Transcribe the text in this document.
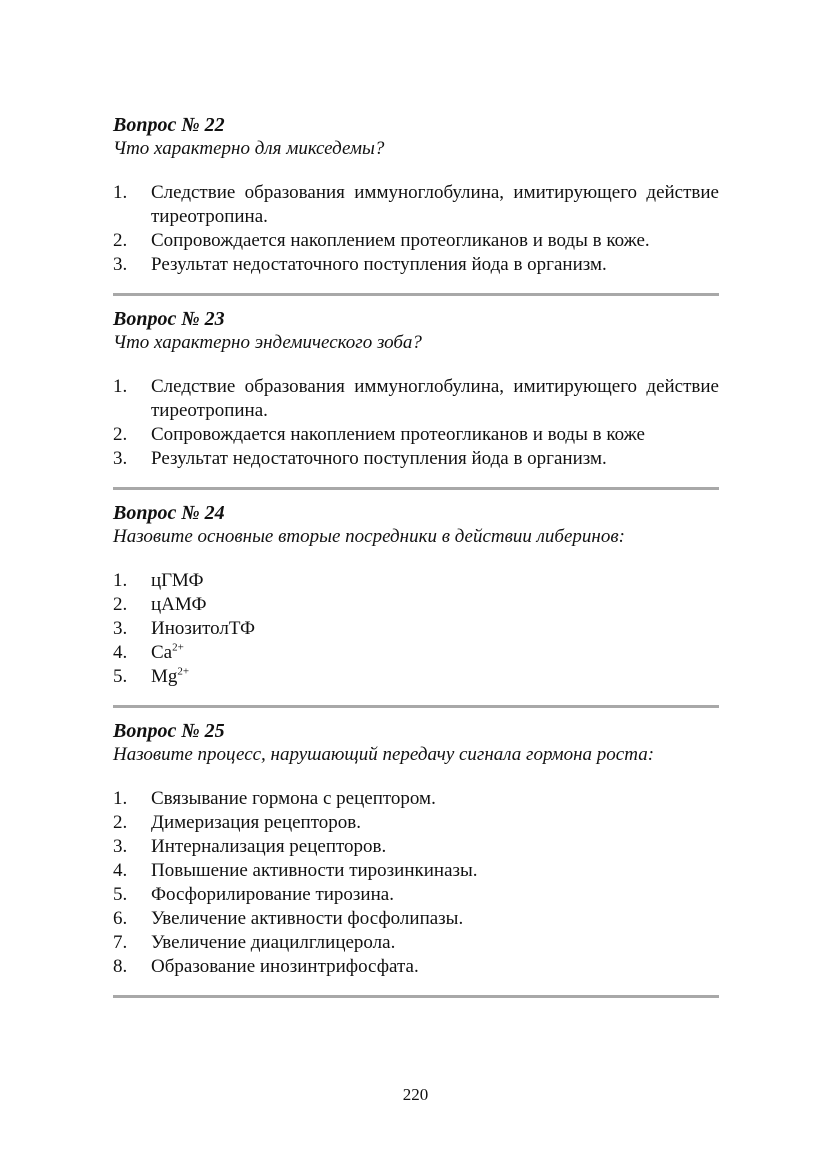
Вопрос № 22

Что характерно для микседемы?

1. Следствие образования иммуноглобулина, имитирующего действие тиреотропина.
2. Сопровождается накоплением протеогликанов и воды в коже.
3. Результат недостаточного поступления йода в организм.

Вопрос № 23

Что характерно эндемического зоба?

1. Следствие образования иммуноглобулина, имитирующего действие тиреотропина.
2. Сопровождается накоплением протеогликанов и воды в коже
3. Результат недостаточного поступления йода в организм.

Вопрос № 24

Назовите основные вторые посредники в действии либеринов:

1. цГМФ
2. цАМФ
3. ИнозитолТФ
4. $Ca^{2+}$
5. $Mg^{2+}$

Вопрос № 25

Назовите процесс, нарушающий передачу сигнала гормона роста:

1. Связывание гормона с рецептором.
2. Димеризация рецепторов.
3. Интернализация рецепторов.
4. Повышение активности тирозинкиназы.
5. Фосфорилирование тирозина.
6. Увеличение активности фосфолипазы.
7. Увеличение диацилглицерола.
8. Образование инозинтрифосфата.
220
